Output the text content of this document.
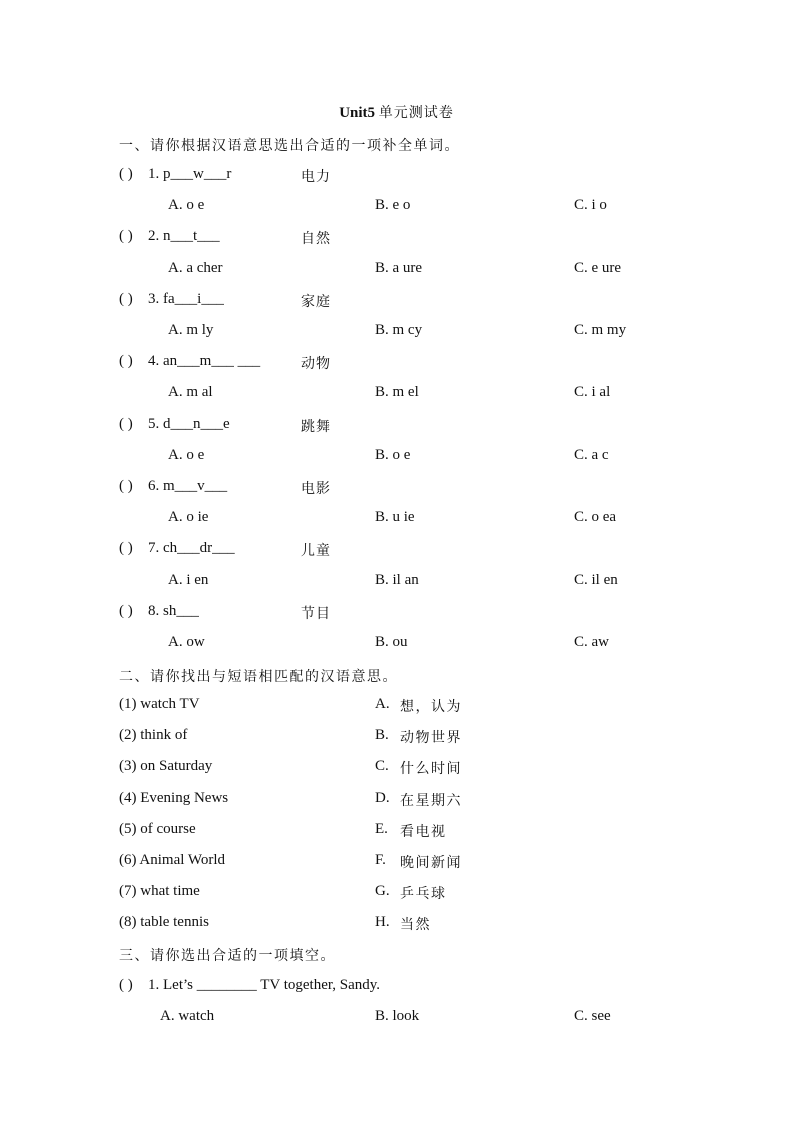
Unit5 单元测试卷
一、请你根据汉语意思选出合适的一项补全单词。
( ) 1. p___w___r	电力
A. o e	B. e o	C. i o
( ) 2. n___t___	自然
A. a cher	B. a ure	C. e ure
( ) 3. fa___i___	家庭
A. m ly	B. m cy	C. m my
( ) 4. an___m___ ___	动物
A. m al	B. m el	C. i al
( ) 5. d___n___e	跳舞
A. o e	B. o e	C. a c
( ) 6. m___v___	电影
A. o ie	B. u ie	C. o ea
( ) 7. ch___dr___	儿童
A. i en	B. il an	C. il en
( ) 8. sh___	节目
A. ow	B. ou	C. aw
二、请你找出与短语相匹配的汉语意思。
(1) watch TV	A. 想，认为
(2) think of	B. 动物世界
(3) on Saturday	C. 什么时间
(4) Evening News	D. 在星期六
(5) of course	E. 看电视
(6) Animal World	F. 晚间新闻
(7) what time	G. 乒乓球
(8) table tennis	H. 当然
三、请你选出合适的一项填空。
( ) 1. Let’s ________ TV together, Sandy.
A. watch	B. look	C. see
